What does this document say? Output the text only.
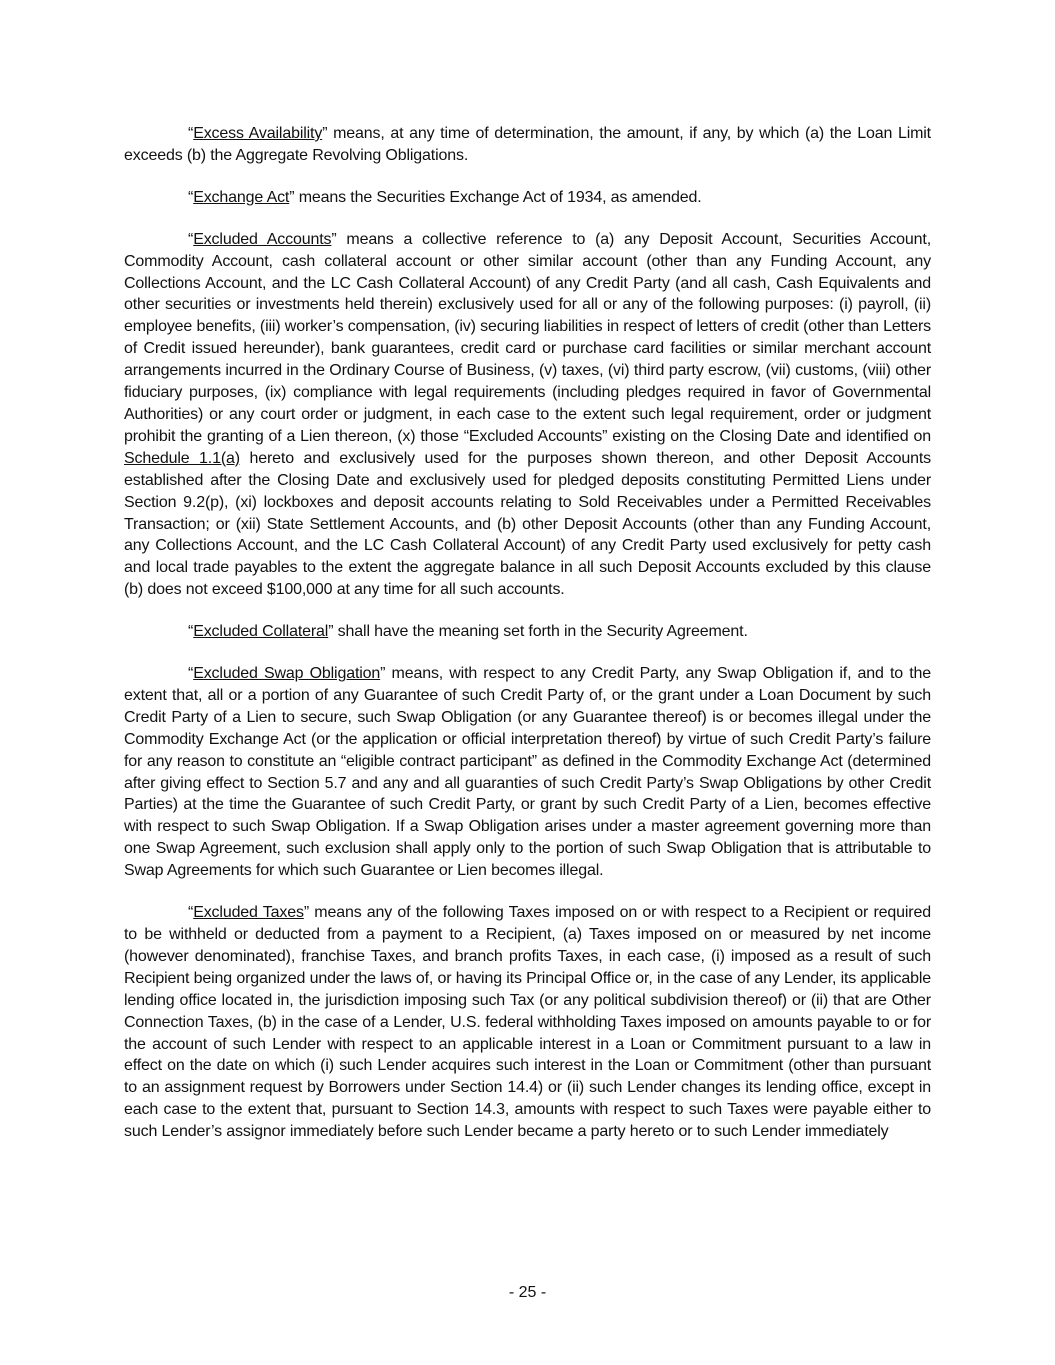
“Excess Availability” means, at any time of determination, the amount, if any, by which (a) the Loan Limit exceeds (b) the Aggregate Revolving Obligations.

“Exchange Act” means the Securities Exchange Act of 1934, as amended.

“Excluded Accounts” means a collective reference to (a) any Deposit Account, Securities Account, Commodity Account, cash collateral account or other similar account (other than any Funding Account, any Collections Account, and the LC Cash Collateral Account) of any Credit Party (and all cash, Cash Equivalents and other securities or investments held therein) exclusively used for all or any of the following purposes: (i) payroll, (ii) employee benefits, (iii) worker’s compensation, (iv) securing liabilities in respect of letters of credit (other than Letters of Credit issued hereunder), bank guarantees, credit card or purchase card facilities or similar merchant account arrangements incurred in the Ordinary Course of Business, (v) taxes, (vi) third party escrow, (vii) customs, (viii) other fiduciary purposes, (ix) compliance with legal requirements (including pledges required in favor of Governmental Authorities) or any court order or judgment, in each case to the extent such legal requirement, order or judgment prohibit the granting of a Lien thereon, (x) those “Excluded Accounts” existing on the Closing Date and identified on Schedule 1.1(a) hereto and exclusively used for the purposes shown thereon, and other Deposit Accounts established after the Closing Date and exclusively used for pledged deposits constituting Permitted Liens under Section 9.2(p), (xi) lockboxes and deposit accounts relating to Sold Receivables under a Permitted Receivables Transaction; or (xii) State Settlement Accounts, and (b) other Deposit Accounts (other than any Funding Account, any Collections Account, and the LC Cash Collateral Account) of any Credit Party used exclusively for petty cash and local trade payables to the extent the aggregate balance in all such Deposit Accounts excluded by this clause (b) does not exceed $100,000 at any time for all such accounts.

“Excluded Collateral” shall have the meaning set forth in the Security Agreement.

“Excluded Swap Obligation” means, with respect to any Credit Party, any Swap Obligation if, and to the extent that, all or a portion of any Guarantee of such Credit Party of, or the grant under a Loan Document by such Credit Party of a Lien to secure, such Swap Obligation (or any Guarantee thereof) is or becomes illegal under the Commodity Exchange Act (or the application or official interpretation thereof) by virtue of such Credit Party’s failure for any reason to constitute an “eligible contract participant” as defined in the Commodity Exchange Act (determined after giving effect to Section 5.7 and any and all guaranties of such Credit Party’s Swap Obligations by other Credit Parties) at the time the Guarantee of such Credit Party, or grant by such Credit Party of a Lien, becomes effective with respect to such Swap Obligation. If a Swap Obligation arises under a master agreement governing more than one Swap Agreement, such exclusion shall apply only to the portion of such Swap Obligation that is attributable to Swap Agreements for which such Guarantee or Lien becomes illegal.

“Excluded Taxes” means any of the following Taxes imposed on or with respect to a Recipient or required to be withheld or deducted from a payment to a Recipient, (a) Taxes imposed on or measured by net income (however denominated), franchise Taxes, and branch profits Taxes, in each case, (i) imposed as a result of such Recipient being organized under the laws of, or having its Principal Office or, in the case of any Lender, its applicable lending office located in, the jurisdiction imposing such Tax (or any political subdivision thereof) or (ii) that are Other Connection Taxes, (b) in the case of a Lender, U.S. federal withholding Taxes imposed on amounts payable to or for the account of such Lender with respect to an applicable interest in a Loan or Commitment pursuant to a law in effect on the date on which (i) such Lender acquires such interest in the Loan or Commitment (other than pursuant to an assignment request by Borrowers under Section 14.4) or (ii) such Lender changes its lending office, except in each case to the extent that, pursuant to Section 14.3, amounts with respect to such Taxes were payable either to such Lender’s assignor immediately before such Lender became a party hereto or to such Lender immediately

- 25 -
